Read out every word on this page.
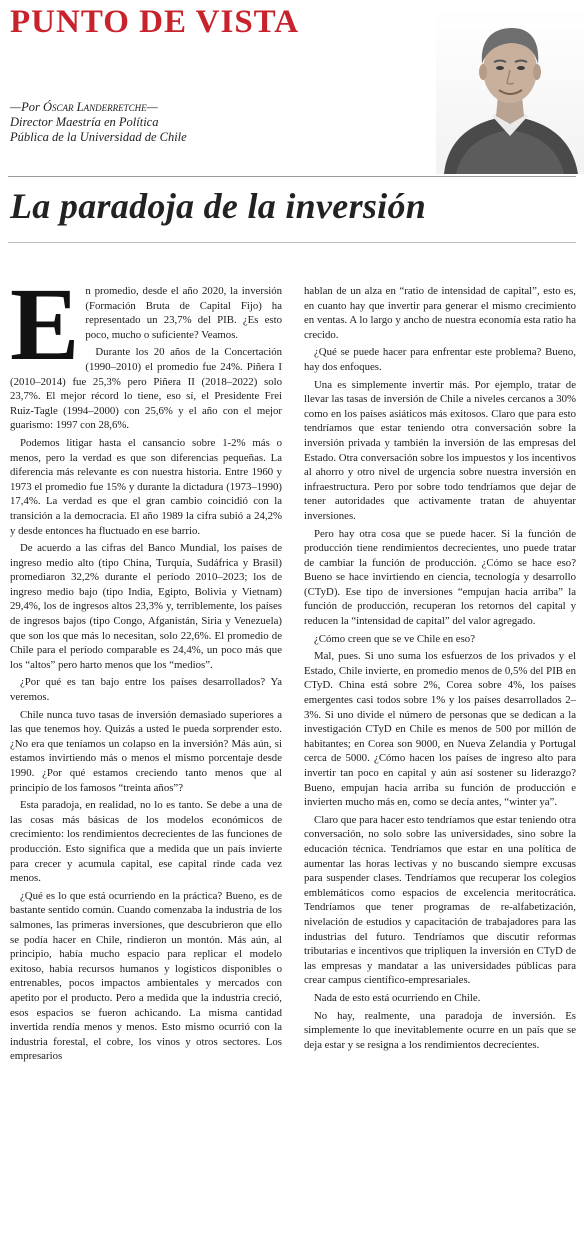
PUNTO DE VISTA
—Por Óscar Landerretche—
Director Maestría en Política
Pública de la Universidad de Chile
La paradoja de la inversión

En promedio, desde el año 2020, la inversión (Formación Bruta de Capital Fijo) ha representado un 23,7% del PIB. ¿Es esto poco, mucho o suficiente? Veamos.

Durante los 20 años de la Concertación (1990–2010) el promedio fue 24%. Piñera I (2010–2014) fue 25,3% pero Piñera II (2018–2022) solo 23,7%. El mejor récord lo tiene, eso sí, el Presidente Frei Ruiz-Tagle (1994–2000) con 25,6% y el año con el mejor guarismo: 1997 con 28,6%.

Podemos litigar hasta el cansancio sobre 1-2% más o menos, pero la verdad es que son diferencias pequeñas. La diferencia más relevante es con nuestra historia. Entre 1960 y 1973 el promedio fue 15% y durante la dictadura (1973–1990) 17,4%. La verdad es que el gran cambio coincidió con la transición a la democracia. El año 1989 la cifra subió a 24,2% y desde entonces ha fluctuado en ese barrio.

De acuerdo a las cifras del Banco Mundial, los países de ingreso medio alto (tipo China, Turquía, Sudáfrica y Brasil) promediaron 32,2% durante el período 2010–2023; los de ingreso medio bajo (tipo India, Egipto, Bolivia y Vietnam) 29,4%, los de ingresos altos 23,3% y, terriblemente, los países de ingresos bajos (tipo Congo, Afganistán, Siria y Venezuela) que son los que más lo necesitan, solo 22,6%. El promedio de Chile para el período comparable es 24,4%, un poco más que los “altos” pero harto menos que los “medios”.

¿Por qué es tan bajo entre los países desarrollados? Ya veremos.

Chile nunca tuvo tasas de inversión demasiado superiores a las que tenemos hoy. Quizás a usted le pueda sorprender esto. ¿No era que teníamos un colapso en la inversión? Más aún, si estamos invirtiendo más o menos el mismo porcentaje desde 1990. ¿Por qué estamos creciendo tanto menos que al principio de los famosos “treinta años”?

Esta paradoja, en realidad, no lo es tanto. Se debe a una de las cosas más básicas de los modelos económicos de crecimiento: los rendimientos decrecientes de las funciones de producción. Esto significa que a medida que un país invierte para crecer y acumula capital, ese capital rinde cada vez menos.

¿Qué es lo que está ocurriendo en la práctica? Bueno, es de bastante sentido común. Cuando comenzaba la industria de los salmones, las primeras inversiones, que descubrieron que ello se podía hacer en Chile, rindieron un montón. Más aún, al principio, había mucho espacio para replicar el modelo exitoso, había recursos humanos y logísticos disponibles o entrenables, pocos impactos ambientales y mercados con apetito por el producto. Pero a medida que la industria creció, esos espacios se fueron achicando. La misma cantidad invertida rendía menos y menos. Esto mismo ocurrió con la industria forestal, el cobre, los vinos y otros sectores. Los empresarios

hablan de un alza en “ratio de intensidad de capital”, esto es, en cuanto hay que invertir para generar el mismo crecimiento en ventas. A lo largo y ancho de nuestra economía esta ratio ha crecido.

¿Qué se puede hacer para enfrentar este problema? Bueno, hay dos enfoques.

Una es simplemente invertir más. Por ejemplo, tratar de llevar las tasas de inversión de Chile a niveles cercanos a 30% como en los países asiáticos más exitosos. Claro que para esto tendríamos que estar teniendo otra conversación sobre la inversión privada y también la inversión de las empresas del Estado. Otra conversación sobre los impuestos y los incentivos al ahorro y otro nivel de urgencia sobre nuestra inversión en infraestructura. Pero por sobre todo tendríamos que dejar de tener autoridades que activamente tratan de ahuyentar inversiones.

Pero hay otra cosa que se puede hacer. Si la función de producción tiene rendimientos decrecientes, uno puede tratar de cambiar la función de producción. ¿Cómo se hace eso? Bueno se hace invirtiendo en ciencia, tecnología y desarrollo (CTyD). Ese tipo de inversiones “empujan hacia arriba” la función de producción, recuperan los retornos del capital y reducen la “intensidad de capital” del valor agregado.

¿Cómo creen que se ve Chile en eso?

Mal, pues. Si uno suma los esfuerzos de los privados y el Estado, Chile invierte, en promedio menos de 0,5% del PIB en CTyD. China está sobre 2%, Corea sobre 4%, los países emergentes casi todos sobre 1% y los países desarrollados 2–3%. Si uno divide el número de personas que se dedican a la investigación CTyD en Chile es menos de 500 por millón de habitantes; en Corea son 9000, en Nueva Zelandia y Portugal cerca de 5000. ¿Cómo hacen los países de ingreso alto para invertir tan poco en capital y aún así sostener su liderazgo? Bueno, empujan hacia arriba su función de producción e invierten mucho más en, como se decía antes, “winter ya”.

Claro que para hacer esto tendríamos que estar teniendo otra conversación, no solo sobre las universidades, sino sobre la educación técnica. Tendríamos que estar en una política de aumentar las horas lectivas y no buscando siempre excusas para suspender clases. Tendríamos que recuperar los colegios emblemáticos como espacios de excelencia meritocrática. Tendríamos que tener programas de re-alfabetización, nivelación de estudios y capacitación de trabajadores para las industrias del futuro. Tendríamos que discutir reformas tributarias e incentivos que tripliquen la inversión en CTyD de las empresas y mandatar a las universidades públicas para crear campus científico-empresariales.

Nada de esto está ocurriendo en Chile.

No hay, realmente, una paradoja de inversión. Es simplemente lo que inevitablemente ocurre en un país que se deja estar y se resigna a los rendimientos decrecientes.
